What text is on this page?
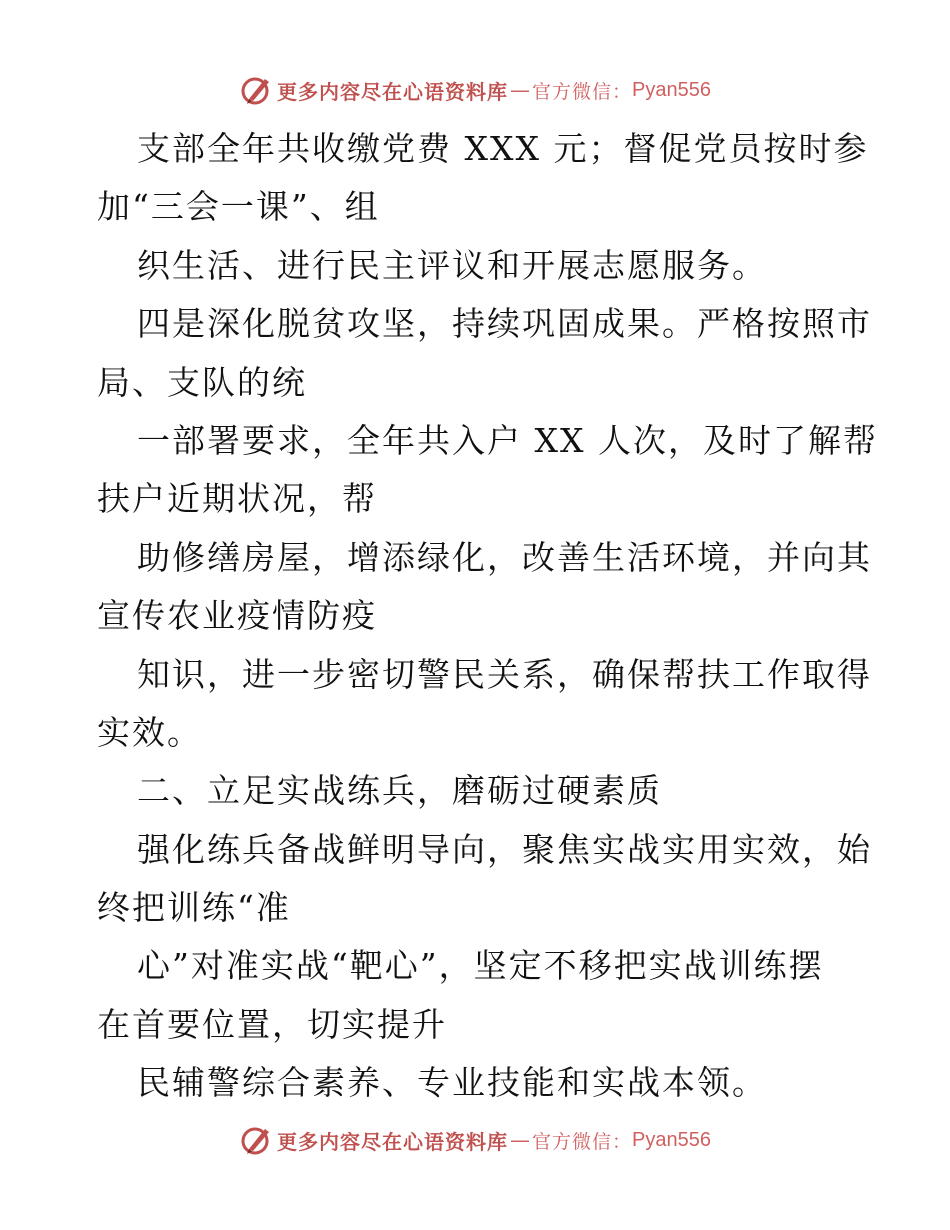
更多内容尽在心语资料库 — 官方微信： Pyan556
支部全年共收缴党费 XXX 元；督促党员按时参
加“三会一课”、组
织生活、进行民主评议和开展志愿服务。
四是深化脱贫攻坚，持续巩固成果。严格按照市
局、支队的统
一部署要求，全年共入户 XX 人次，及时了解帮
扶户近期状况，帮
助修缮房屋，增添绿化，改善生活环境，并向其
宣传农业疫情防疫
知识，进一步密切警民关系，确保帮扶工作取得
实效。
二、立足实战练兵，磨砺过硬素质
强化练兵备战鲜明导向，聚焦实战实用实效，始
终把训练“准
心”对准实战“靶心”，坚定不移把实战训练摆
在首要位置，切实提升
民辅警综合素养、专业技能和实战本领。
更多内容尽在心语资料库 — 官方微信： Pyan556
